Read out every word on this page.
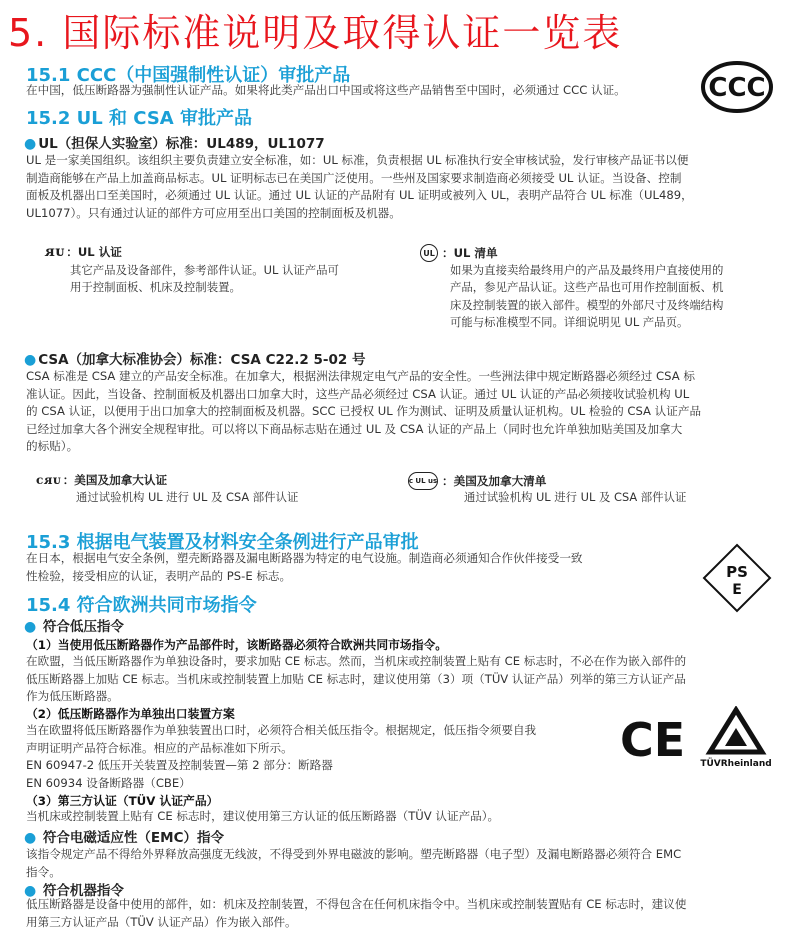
5. 国际标准说明及取得认证一览表
CCC
15.1 CCC（中国强制性认证）审批产品
在中国，低压断路器为强制性认证产品。如果将此类产品出口中国或将这些产品销售至中国时，必须通过 CCC 认证。
15.2 UL 和 CSA 审批产品
● UL（担保人实验室）标准：UL489，UL1077
UL 是一家美国组织。该组织主要负责建立安全标准，如：UL 标准，负责根据 UL 标准执行安全审核试验，发行审核产品证书以便
制造商能够在产品上加盖商品标志。UL 证明标志已在美国广泛使用。一些州及国家要求制造商必须接受 UL 认证。当设备、控制
面板及机器出口至美国时，必须通过 UL 认证。通过 UL 认证的产品附有 UL 证明或被列入 UL，表明产品符合 UL 标准（UL489，
UL1077）。只有通过认证的部件方可应用至出口美国的控制面板及机器。
ᴙᴜ ：UL 认证
其它产品及设备部件，参考部件认证。UL 认证产品可
用于控制面板、机床及控制装置。
UL ：UL 清单
如果为直接卖给最终用户的产品及最终用户直接使用的
产品，参见产品认证。这些产品也可用作控制面板、机
床及控制装置的嵌入部件。模型的外部尺寸及终端结构
可能与标准模型不同。详细说明见 UL 产品页。
● CSA（加拿大标准协会）标准：CSA C22.2 5-02 号
CSA 标准是 CSA 建立的产品安全标准。在加拿大，根据洲法律规定电气产品的安全性。一些洲法律中规定断路器必须经过 CSA 标
准认证。因此，当设备、控制面板及机器出口加拿大时，这些产品必须经过 CSA 认证。通过 UL 认证的产品必须接收试验机构 UL
的 CSA 认证，以便用于出口加拿大的控制面板及机器。SCC 已授权 UL 作为测试、证明及质量认证机构。UL 检验的 CSA 认证产品
已经过加拿大各个洲安全规程审批。可以将以下商品标志贴在通过 UL 及 CSA 认证的产品上（同时也允许单独加贴美国及加拿大
的标贴）。
cᴙᴜ ：美国及加拿大认证
通过试验机构 UL 进行 UL 及 CSA 部件认证
c UL us ：美国及加拿大清单
通过试验机构 UL 进行 UL 及 CSA 部件认证
15.3 根据电气装置及材料安全条例进行产品审批
在日本，根据电气安全条例，塑壳断路器及漏电断路器为特定的电气设施。制造商必须通知合作伙伴接受一致
性检验，接受相应的认证，表明产品的 PS-E 标志。	PS
E
15.4 符合欧洲共同市场指令
● 符合低压指令
（1）当使用低压断路器作为产品部件时，该断路器必须符合欧洲共同市场指令。
在欧盟，当低压断路器作为单独设备时，要求加贴 CE 标志。然而，当机床或控制装置上贴有 CE 标志时，不必在作为嵌入部件的
低压断路器上加贴 CE 标志。当机床或控制装置上加贴 CE 标志时，建议使用第（3）项（TÜV 认证产品）列举的第三方认证产品
作为低压断路器。
（2）低压断路器作为单独出口装置方案
当在欧盟将低压断路器作为单独装置出口时，必须符合相关低压指令。根据规定，低压指令须要自我
声明证明产品符合标准。相应的产品标准如下所示。
EN 60947-2 低压开关装置及控制装置—第 2 部分：断路器
EN 60934 设备断路器（CBE）
（3）第三方认证（TÜV 认证产品）
当机床或控制装置上贴有 CE 标志时，建议使用第三方认证的低压断路器（TÜV 认证产品）。
CE TÜVRheinland
● 符合电磁适应性（EMC）指令
该指令规定产品不得给外界释放高强度无线波，不得受到外界电磁波的影响。塑壳断路器（电子型）及漏电断路器必须符合 EMC
指令。
● 符合机器指令
低压断路器是设备中使用的部件，如：机床及控制装置，不得包含在任何机床指令中。当机床或控制装置贴有 CE 标志时，建议使
用第三方认证产品（TÜV 认证产品）作为嵌入部件。
